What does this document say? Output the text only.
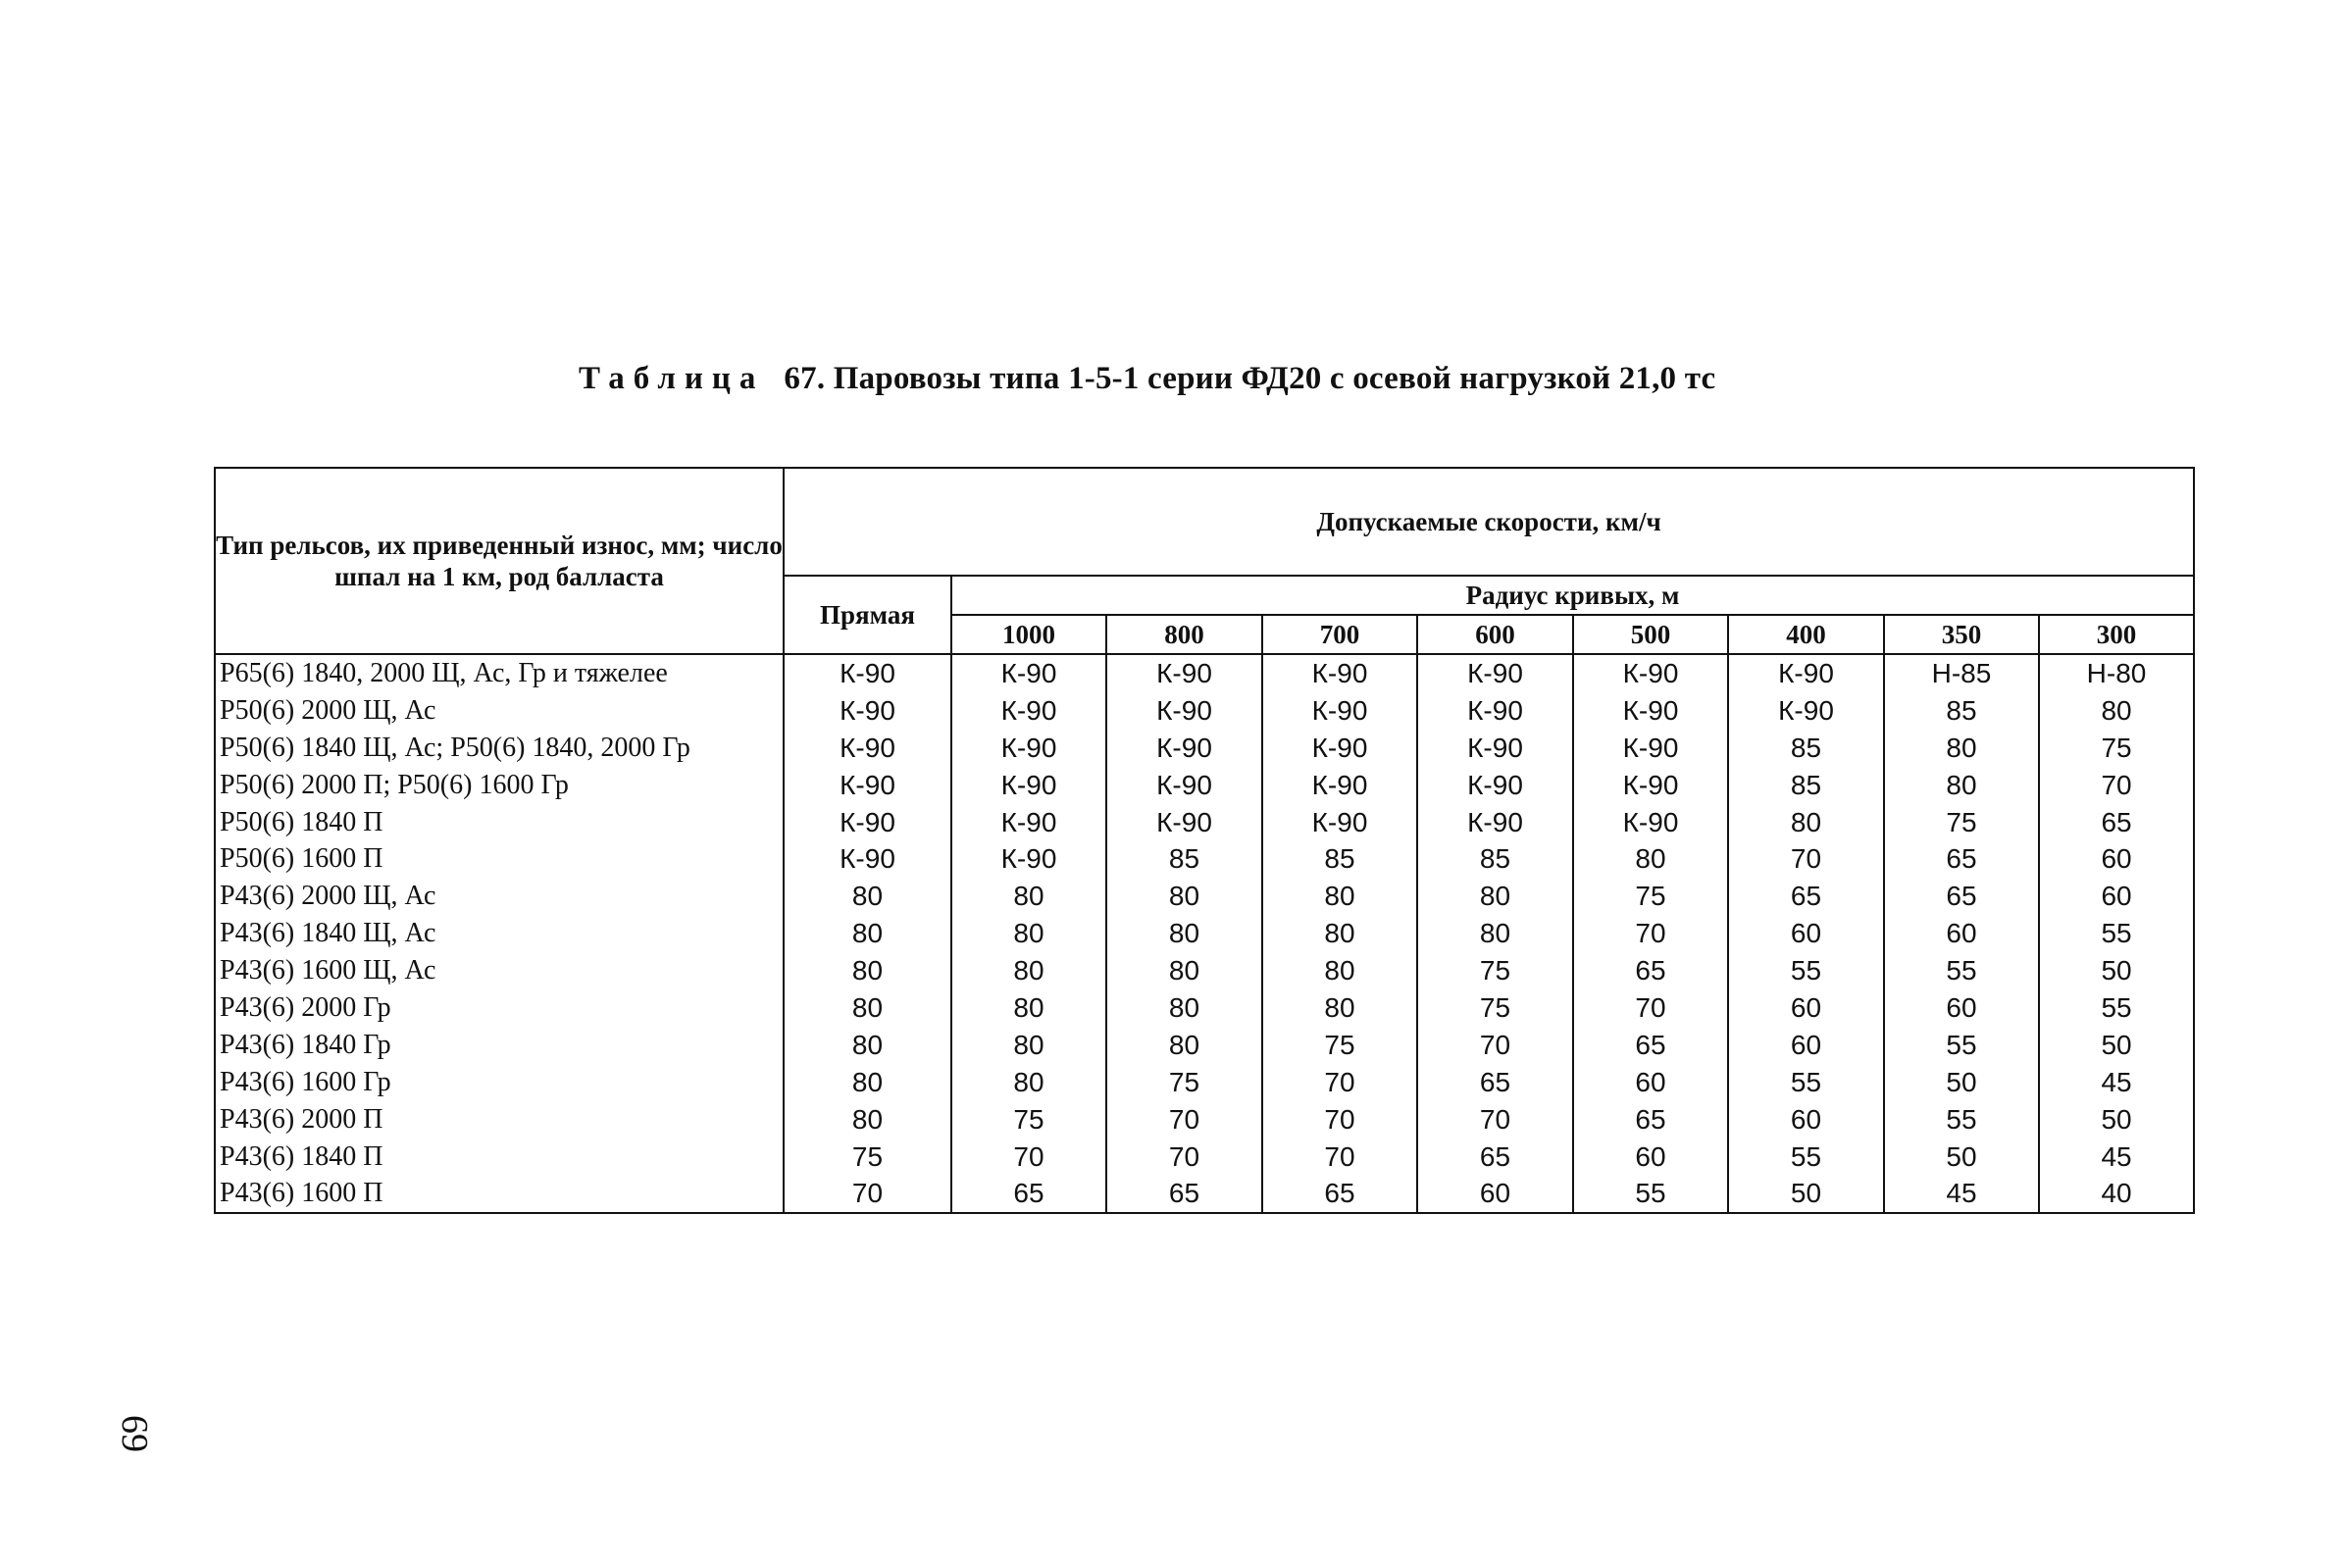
Таблица 67. Паровозы типа 1-5-1 серии ФД20 с осевой нагрузкой 21,0 тс
Тип рельсов, их приведенный износ, мм; число шпал на 1 км, род балласта	Допускаемые скорости, км/ч								
	Прямая	Радиус кривых, м							
		1000	800	700	600	500	400	350	300
Р65(6) 1840, 2000 Щ, Ас, Гр и тяжелее	К-90	К-90	К-90	К-90	К-90	К-90	К-90	Н-85	Н-80
Р50(6) 2000 Щ, Ас	К-90	К-90	К-90	К-90	К-90	К-90	К-90	85	80
Р50(6) 1840 Щ, Ас; Р50(6) 1840, 2000 Гр	К-90	К-90	К-90	К-90	К-90	К-90	85	80	75
Р50(6) 2000 П; Р50(6) 1600 Гр	К-90	К-90	К-90	К-90	К-90	К-90	85	80	70
Р50(6) 1840 П	К-90	К-90	К-90	К-90	К-90	К-90	80	75	65
Р50(6) 1600 П	К-90	К-90	85	85	85	80	70	65	60
Р43(6) 2000 Щ, Ас	80	80	80	80	80	75	65	65	60
Р43(6) 1840 Щ, Ас	80	80	80	80	80	70	60	60	55
Р43(6) 1600 Щ, Ас	80	80	80	80	75	65	55	55	50
Р43(6) 2000 Гр	80	80	80	80	75	70	60	60	55
Р43(6) 1840 Гр	80	80	80	75	70	65	60	55	50
Р43(6) 1600 Гр	80	80	75	70	65	60	55	50	45
Р43(6) 2000 П	80	75	70	70	70	65	60	55	50
Р43(6) 1840 П	75	70	70	70	65	60	55	50	45
Р43(6) 1600 П	70	65	65	65	60	55	50	45	40
69
